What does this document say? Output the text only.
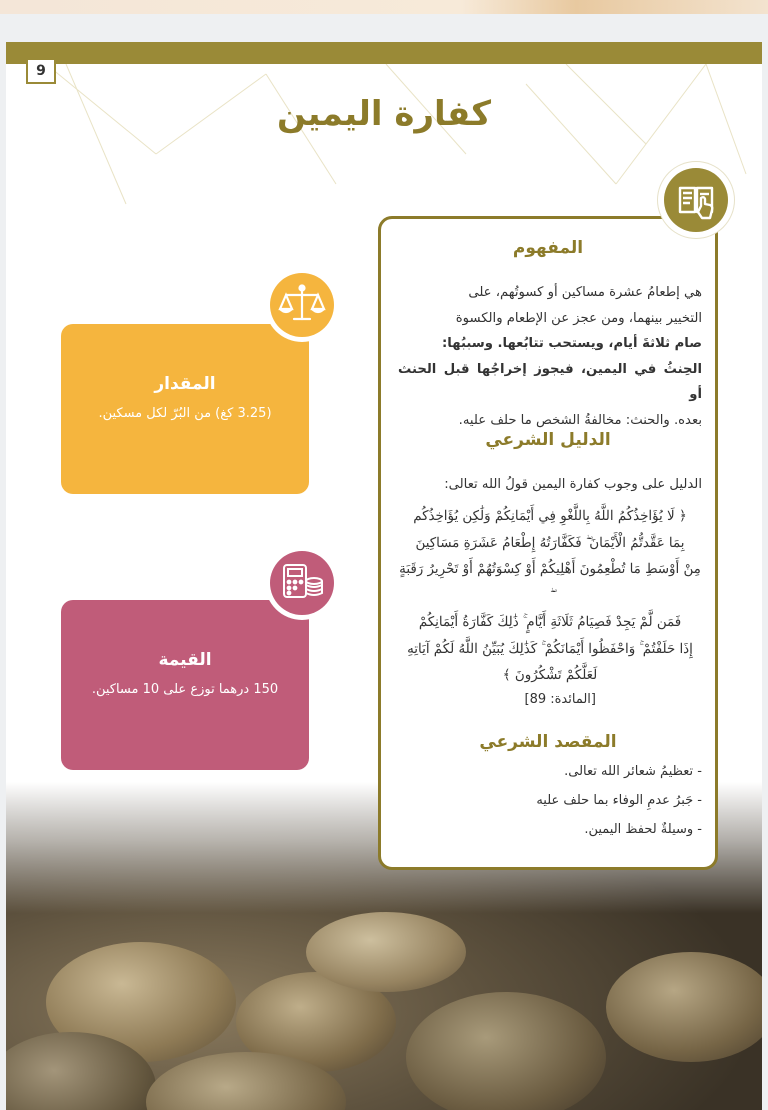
9
كفارة اليمين
المفهوم
هي إطعامُ عشرة مساكين أو كسوتُهم، على
التخيير بينهما، ومن عجز عن الإطعام والكسوة
صام ثلاثةَ أيام، ويستحب تتابُعها. وسببُها:
الحِنثُ في اليمين، فيجوز إخراجُها قبل الحنث أو
بعده. والحنث: مخالفةُ الشخص ما حلف عليه.
الدليل الشرعي
الدليل على وجوب كفارة اليمين قولُ الله تعالى:
﴿ لَا يُؤَاخِذُكُمُ اللَّهُ بِاللَّغْوِ فِي أَيْمَانِكُمْ وَلَٰكِن يُؤَاخِذُكُم
بِمَا عَقَّدتُّمُ الْأَيْمَانَ ۖ فَكَفَّارَتُهُ إِطْعَامُ عَشَرَةِ مَسَاكِينَ
مِنْ أَوْسَطِ مَا تُطْعِمُونَ أَهْلِيكُمْ أَوْ كِسْوَتُهُمْ أَوْ تَحْرِيرُ رَقَبَةٍ
فَمَن لَّمْ يَجِدْ فَصِيَامُ ثَلَاثَةِ أَيَّامٍ ۚ ذَٰلِكَ كَفَّارَةُ أَيْمَانِكُمْ
إِذَا حَلَفْتُمْ ۚ وَاحْفَظُوا أَيْمَانَكُمْ ۚ كَذَٰلِكَ يُبَيِّنُ اللَّهُ لَكُمْ آيَاتِهِ
لَعَلَّكُمْ تَشْكُرُونَ ﴾
[المائدة: 89]
المقصد الشرعي
- تعظيمُ شعائر الله تعالى.
- جَبرُ عدمِ الوفاء بما حلف عليه
- وسيلةٌ لحفظ اليمين.
المقدار
(3.25 كغ) من البُرّ لكل مسكين.
القيمة
150 درهما توزع على 10 مساكين.
